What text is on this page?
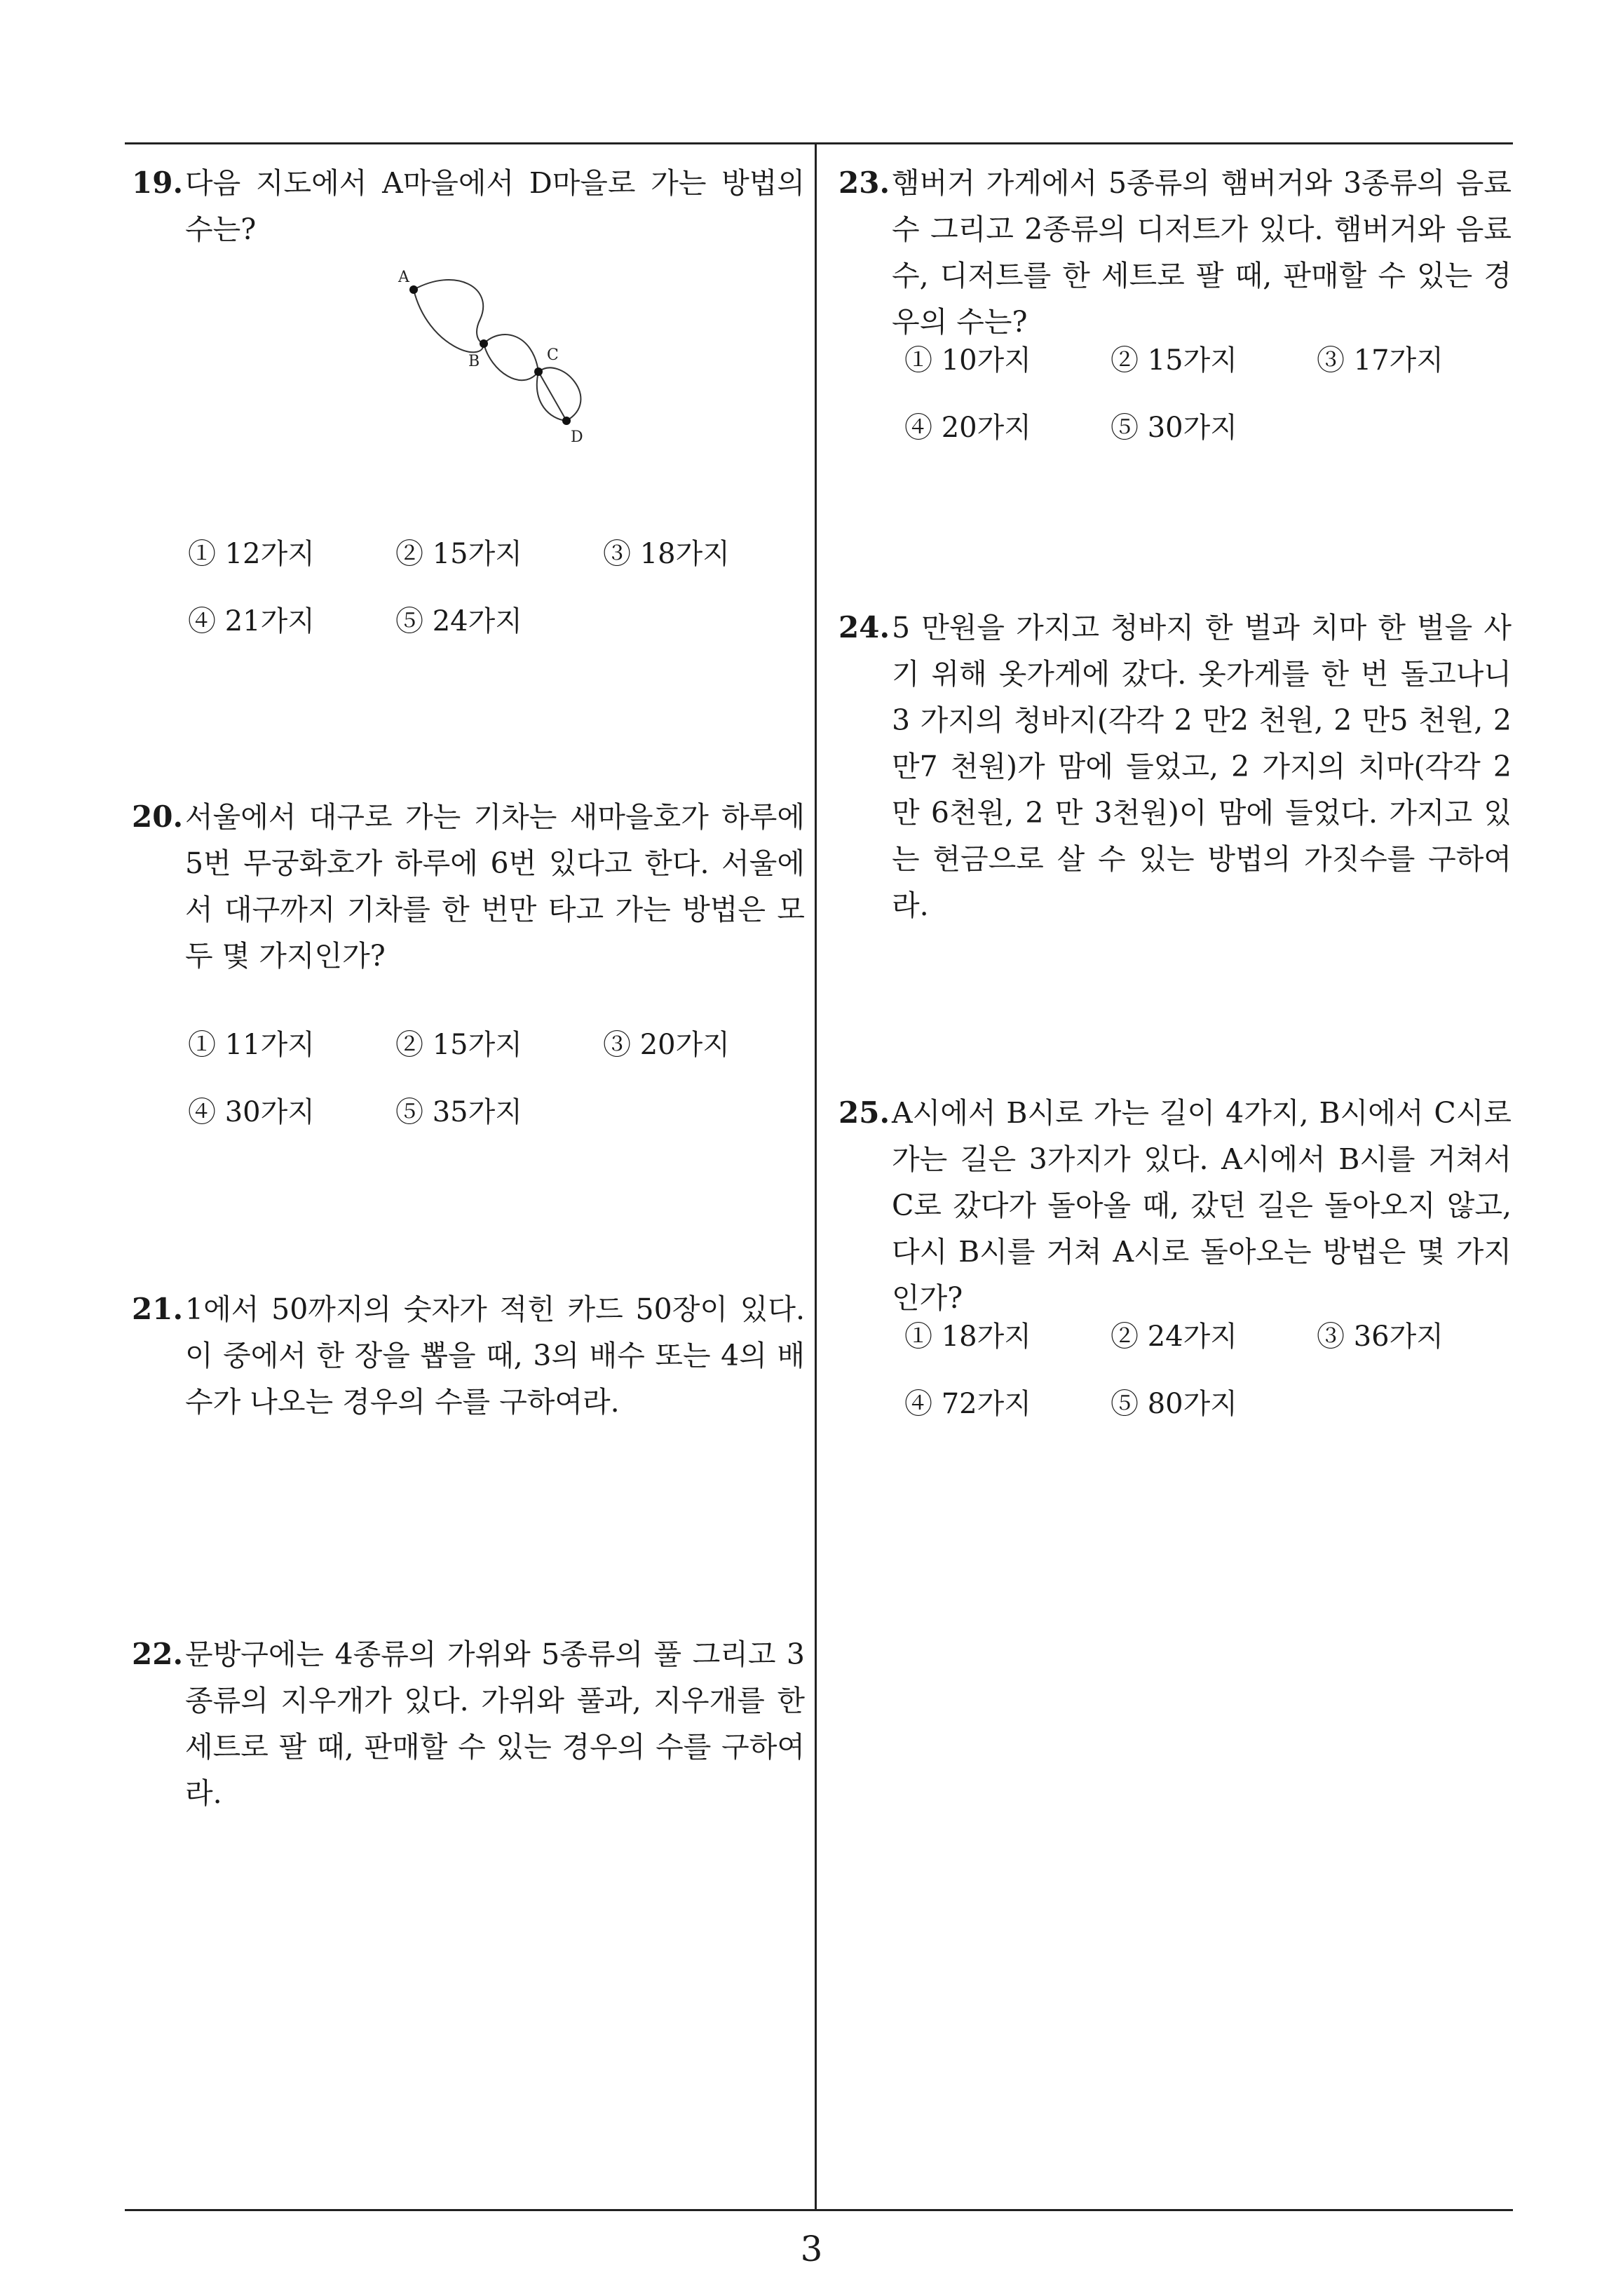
19. 다음 지도에서 A마을에서 D마을로 가는 방법의 수는?
A
B	C
D
① 12가지	② 15가지	③ 18가지
④ 21가지	⑤ 24가지
20. 서울에서 대구로 가는 기차는 새마을호가 하루에 5번 무궁화호가 하루에 6번 있다고 한다. 서울에서 대구까지 기차를 한 번만 타고 가는 방법은 모두 몇 가지인가?
① 11가지	② 15가지	③ 20가지
④ 30가지	⑤ 35가지
21. 1에서 50까지의 숫자가 적힌 카드 50장이 있다. 이 중에서 한 장을 뽑을 때, 3의 배수 또는 4의 배수가 나오는 경우의 수를 구하여라.
22. 문방구에는 4종류의 가위와 5종류의 풀 그리고 3종류의 지우개가 있다. 가위와 풀과, 지우개를 한 세트로 팔 때, 판매할 수 있는 경우의 수를 구하여라.
23. 햄버거 가게에서 5종류의 햄버거와 3종류의 음료수 그리고 2종류의 디저트가 있다. 햄버거와 음료수, 디저트를 한 세트로 팔 때, 판매할 수 있는 경우의 수는?
① 10가지	② 15가지	③ 17가지
④ 20가지	⑤ 30가지
24. 5 만원을 가지고 청바지 한 벌과 치마 한 벌을 사기 위해 옷가게에 갔다. 옷가게를 한 번 돌고나니 3 가지의 청바지(각각 2 만2 천원, 2 만5 천원, 2 만7 천원)가 맘에 들었고, 2 가지의 치마(각각 2 만 6천원, 2 만 3천원)이 맘에 들었다. 가지고 있는 현금으로 살 수 있는 방법의 가짓수를 구하여라.
25. A시에서 B시로 가는 길이 4가지, B시에서 C시로 가는 길은 3가지가 있다. A시에서 B시를 거쳐서 C로 갔다가 돌아올 때, 갔던 길은 돌아오지 않고, 다시 B시를 거쳐 A시로 돌아오는 방법은 몇 가지인가?
① 18가지	② 24가지	③ 36가지
④ 72가지	⑤ 80가지
3
